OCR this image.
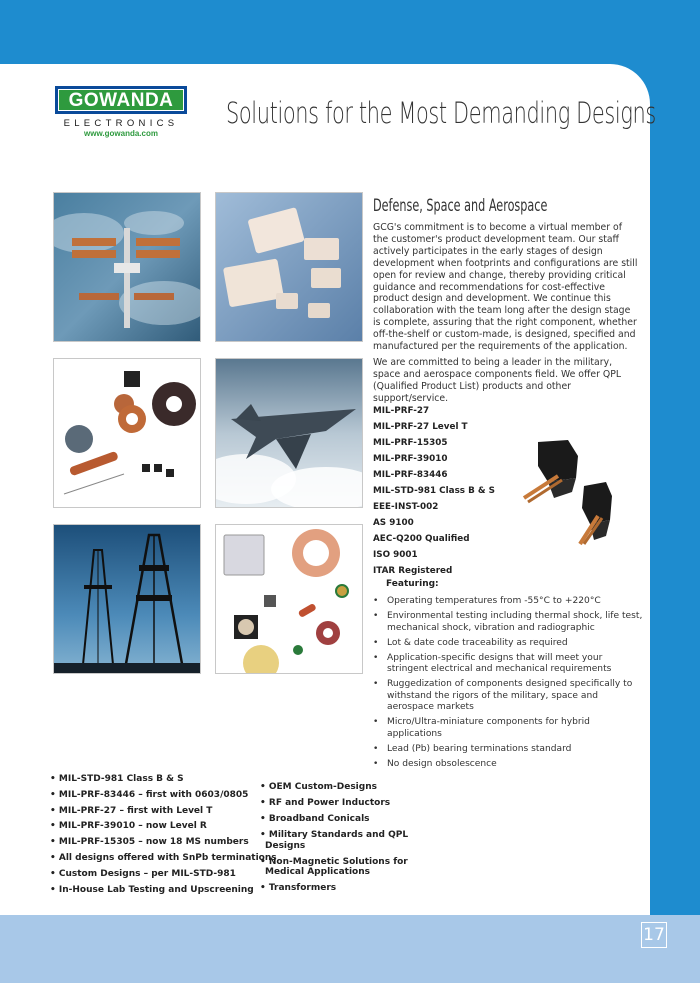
17
GOWANDA
ELECTRONICS
www.gowanda.com
Solutions for the Most Demanding Designs
Defense, Space and Aerospace

GCG's commitment is to become a virtual member of the customer's product development team. Our staff actively participates in the early stages of design development when footprints and configurations are still open for review and change, thereby providing critical guidance and recommendations for cost-effective product design and development. We continue this collaboration with the team long after the design stage is complete, assuring that the right component, whether off-the-shelf or custom-made, is designed, specified and manufactured per the requirements of the application.

We are committed to being a leader in the military, space and aerospace components field. We offer QPL (Qualified Product List) products and other support/service.

MIL-PRF-27
MIL-PRF-27 Level T
MIL-PRF-15305
MIL-PRF-39010
MIL-PRF-83446
MIL-STD-981 Class B & S
EEE-INST-002
AS 9100
AEC-Q200 Qualified
ISO 9001
ITAR Registered
Featuring:
• Operating temperatures from -55°C to +220°C
• Environmental testing including thermal shock, life test, mechanical shock, vibration and radiographic
• Lot & date code traceability as required
• Application-specific designs that will meet your stringent electrical and mechanical requirements
• Ruggedization of components designed specifically to withstand the rigors of the military, space and aerospace markets
• Micro/Ultra-miniature components for hybrid applications
• Lead (Pb) bearing terminations standard
• No design obsolescence
• MIL-STD-981 Class B & S
• MIL-PRF-83446 – first with 0603/0805
• MIL-PRF-27 – first with Level T
• MIL-PRF-39010 – now Level R
• MIL-PRF-15305 – now 18 MS numbers
• All designs offered with SnPb terminations
• Custom Designs – per MIL-STD-981
• In-House Lab Testing and Upscreening
• OEM Custom-Designs
• RF and Power Inductors
• Broadband Conicals
• Military Standards and QPL Designs
• Non-Magnetic Solutions for Medical Applications
• Transformers
